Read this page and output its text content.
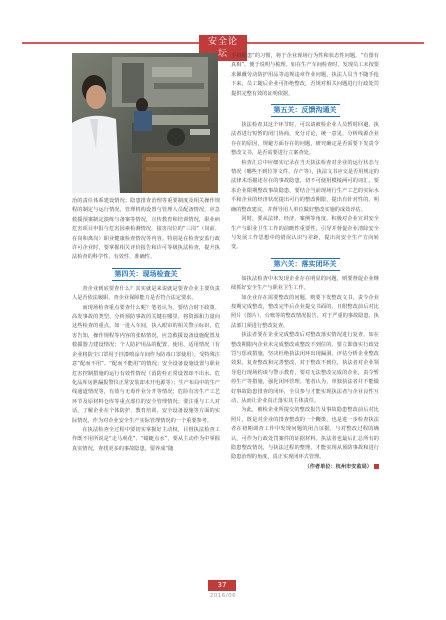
安全论坛

治的责任体系建设情况；隐患排查治理等重要制度及相关操作规程的制定与运行情况，管理机构设置与管理人员配备情况，应急救援预案制定演练与备案等情况，宣传教育和培训情况，职业病危害项目申报与危害因素检测情况，接害岗位的“三岗”（岗前、在岗和离岗）职业健康检查情况等内容。特别是在检查安监行政许可企业时，要掌握相关评价报告和许可等级执法检查，提升执法检查的科学性、有效性、准确性。

第四关：现场检查关

查企业到底要查什么？其实就是来说就是要查企业主要负责人是否依法履职、查企业保障能力是否符合法定要求。

而现场检查重点要查什么呢？笔者认为，要结合时下政策、高发事故的类型、分析预防事故的关键在哪里，将资源和力量向这些检查的重点。如一进入车间，执入眼帘的相关警示标识，危害告知，操作规程等内容的张贴情况，应急救援设备设施配置及救援器力建设情况；个人防护用品的配置、使用、适用情况（有企业将防尘口罩用于挂漆喷涂车间作为防毒口罩使用），受特殊注意“配而不用”、“配而不能用”的情况；安全设备设施设置与职业危害控制措施的运行有效性情况（消防栓正常设置却不出水、危化品库房泄漏报警仪正常安装却未开电源等）；生产布局中的生产线通道情况等，有效与无毒作业分开等情况；危险有害生产工艺环节及原材料仓库等重点部位的安全管理情况；要注重与工人对话，了解企业在个体防护、教育培训、安全设备设施等方面的实际情况，作为对企业安全生产实际管理情况的一个重要参考。

在执法检查全过程中要切实掌握好主动权，目督执法检查工作既不用所说是“走马观花”、“蜻蜓点水”，要从主动作为中掌握真实情况，查找更多的事故隐患，要养成“随

手拍隐患”的习惯，将于企业现场行为性和状态性问题，“有图有真相”，便于说明与梳理。如在生产车间检查时，发现员工未按要求佩戴劳动防护用品等违规违章作业问题，执法人员当不随手抢下来，员工随后企业可拒绝整改，否规对相关问题进行行政处罚提供完整有效的证明依据。

第五关：反馈沟通关

执法检查其这个环节时，可以请被检企业人员暂时回避，执法者进行短暂的闭门协商，充分讨论，统一意见，分析线源企业存在的原因，规避方面存在的问题，研究确定是否需要下发责令整改文书，是否需要进行立案查处。

检查汇总中应细实记录在当天执法检查对企业的运行状态与情况（哪些不到位等文件、存产等），执法文书应交是否用规定的法律术语描述存在的事故隐患，切不可使用模棱两可的词汇。要求企业限期整改事故隐患，要结合当前现场行生产工艺的实际水平和企业的经济状况提出可行的整改期限，提出有针对性的、明确的整改建议，并督导用人单位做好整改实施的成效评估。

同时，要从法律、经济、案例等角度，积极对企业宣讲安全生产与职业卫生工作的前瞻性重要性，引导并督促企业清除安全与发展工作思想中的错误认识与差距，提出向安全生产方向转变。

第六关：落实闭环关

如执法检查中未发现企业存在明显的问题，则要督促企业继续抓好安全生产与职业卫生工作。

如企业存在需要整改的问题，则要下发整改文书，责令企业按期完成整改，整改完毕后企业提交书面的、且附整改前后对比照片（图片）、台账等的整改情况报告。对于严重的事故隐患，执法部门须进行整改复查。

执法者要在企业完成整改后对整改落实情况进行复查，如在整改期限内企业未完成整改或整改不到位的，要立即落实行政处罚与惩戒措施，坚决杜绝执法闭环出现漏洞，评估分析企业整改效果。复查整改和完善整改，对于整改不到位，执法者对企业领导进行现场约谈与警示教育，要对无法整改完成的企业，责令暂停生产等措施，强化闭环管理。笔者认为，单独执法者并不能做好事故隐患排查的闭环，全员参与才能实现执法者与企业良性互动，从而让企业真正落实其主体责任。

为此，被检企业所提交的整改报告及事故隐患整改前后对比照片，既是对企业的排查整改的一个鞭策，也是进一步检查执法者在初期调查工作中发现问题的闭合证据，与对整改过程的确认，可作为行政处罚案件的证据材料。执法者也最后汇总所有的隐患整改情况，与执法过程的整理，才能实现从预防事故和进行隐患治理的角度，真正实现闭环式管理。

（作者单位：杭州市安监局）

37
2016/06
